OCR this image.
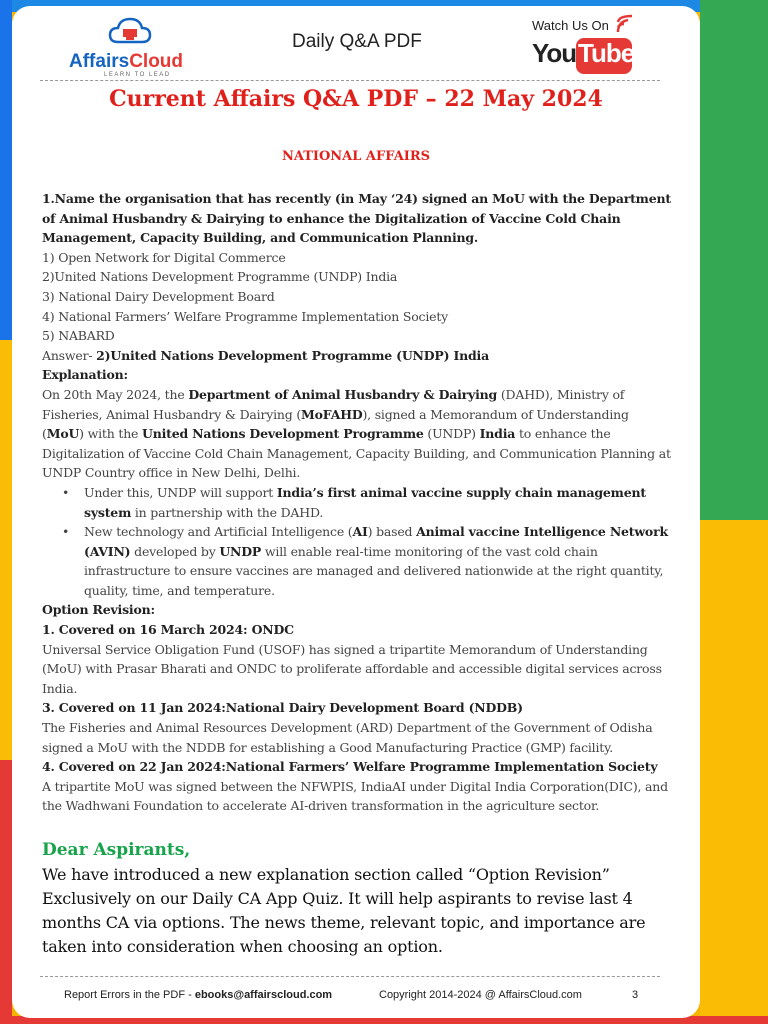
AffairsCloud
LEARN TO LEAD
Daily Q&A PDF
Watch Us On
You Tube
Current Affairs Q&A PDF – 22 May 2024
NATIONAL AFFAIRS

1.Name the organisation that has recently (in May ‘24) signed an MoU with the Department of Animal Husbandry & Dairying to enhance the Digitalization of Vaccine Cold Chain Management, Capacity Building, and Communication Planning.

1) Open Network for Digital Commerce

2)United Nations Development Programme (UNDP) India

3) National Dairy Development Board

4) National Farmers’ Welfare Programme Implementation Society

5) NABARD

Answer- 2)United Nations Development Programme (UNDP) India

Explanation:

On 20th May 2024, the Department of Animal Husbandry & Dairying (DAHD), Ministry of Fisheries, Animal Husbandry & Dairying (MoFAHD), signed a Memorandum of Understanding (MoU) with the United Nations Development Programme (UNDP) India to enhance the Digitalization of Vaccine Cold Chain Management, Capacity Building, and Communication Planning at UNDP Country office in New Delhi, Delhi.

• Under this, UNDP will support India’s first animal vaccine supply chain management system in partnership with the DAHD.
• New technology and Artificial Intelligence (AI) based Animal vaccine Intelligence Network (AVIN) developed by UNDP will enable real-time monitoring of the vast cold chain infrastructure to ensure vaccines are managed and delivered nationwide at the right quantity, quality, time, and temperature.

Option Revision:

1. Covered on 16 March 2024: ONDC

Universal Service Obligation Fund (USOF) has signed a tripartite Memorandum of Understanding (MoU) with Prasar Bharati and ONDC to proliferate affordable and accessible digital services across India.

3. Covered on 11 Jan 2024:National Dairy Development Board (NDDB)

The Fisheries and Animal Resources Development (ARD) Department of the Government of Odisha signed a MoU with the NDDB for establishing a Good Manufacturing Practice (GMP) facility.

4. Covered on 22 Jan 2024:National Farmers’ Welfare Programme Implementation Society

A tripartite MoU was signed between the NFWPIS, IndiaAI under Digital India Corporation(DIC), and the Wadhwani Foundation to accelerate AI-driven transformation in the agriculture sector.

Dear Aspirants,
We have introduced a new explanation section called “Option Revision” Exclusively on our Daily CA App Quiz. It will help aspirants to revise last 4 months CA via options. The news theme, relevant topic, and importance are taken into consideration when choosing an option.
Report Errors in the PDF - ebooks@affairscloud.com	Copyright 2014-2024 @ AffairsCloud.com	3
